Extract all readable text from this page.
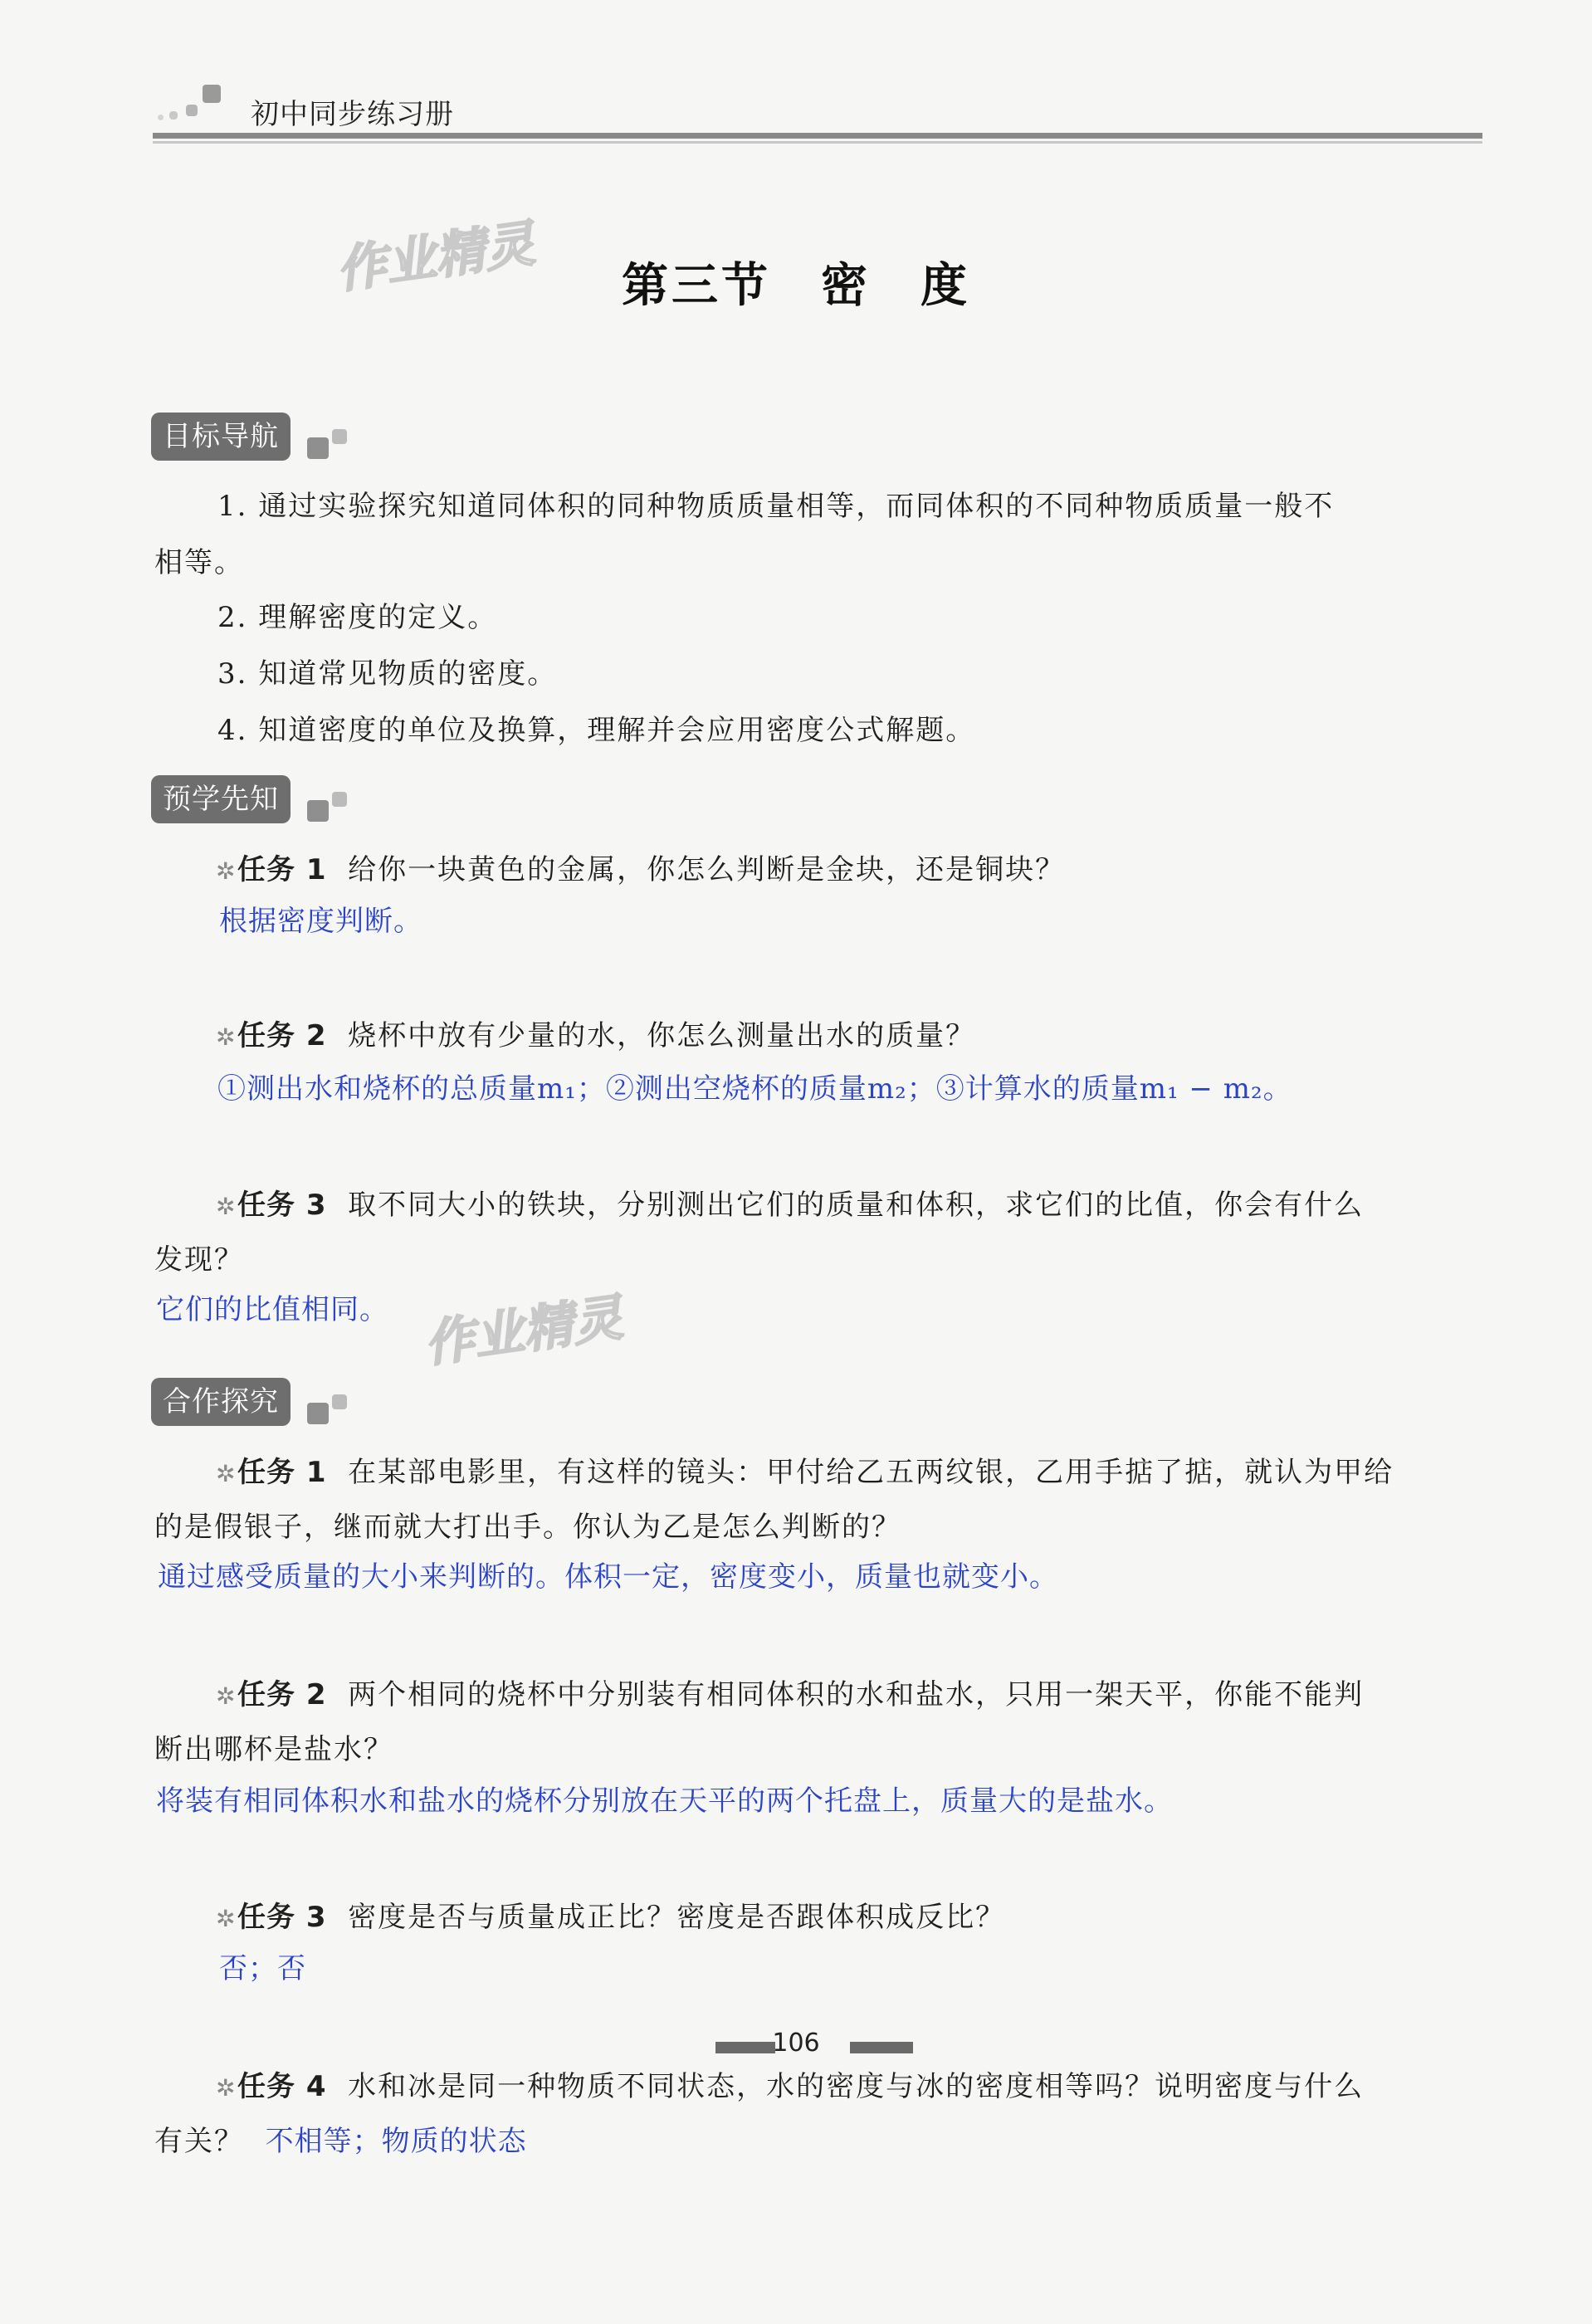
初中同步练习册
作业精灵
作业精灵
第三节　密　度
目标导航
1. 通过实验探究知道同体积的同种物质质量相等，而同体积的不同种物质质量一般不
相等。
2. 理解密度的定义。
3. 知道常见物质的密度。
4. 知道密度的单位及换算，理解并会应用密度公式解题。
预学先知
✲任务 1 给你一块黄色的金属，你怎么判断是金块，还是铜块？
根据密度判断。
✲任务 2 烧杯中放有少量的水，你怎么测量出水的质量？
①测出水和烧杯的总质量m₁；②测出空烧杯的质量m₂；③计算水的质量m₁ − m₂。
✲任务 3 取不同大小的铁块，分别测出它们的质量和体积，求它们的比值，你会有什么
发现？
它们的比值相同。
合作探究
✲任务 1 在某部电影里，有这样的镜头：甲付给乙五两纹银，乙用手掂了掂，就认为甲给
的是假银子，继而就大打出手。你认为乙是怎么判断的？
通过感受质量的大小来判断的。体积一定，密度变小，质量也就变小。
✲任务 2 两个相同的烧杯中分别装有相同体积的水和盐水，只用一架天平，你能不能判
断出哪杯是盐水？
将装有相同体积水和盐水的烧杯分别放在天平的两个托盘上，质量大的是盐水。
✲任务 3 密度是否与质量成正比？密度是否跟体积成反比？
否；否
✲任务 4 水和冰是同一种物质不同状态，水的密度与冰的密度相等吗？说明密度与什么
有关？ 不相等；物质的状态
106
